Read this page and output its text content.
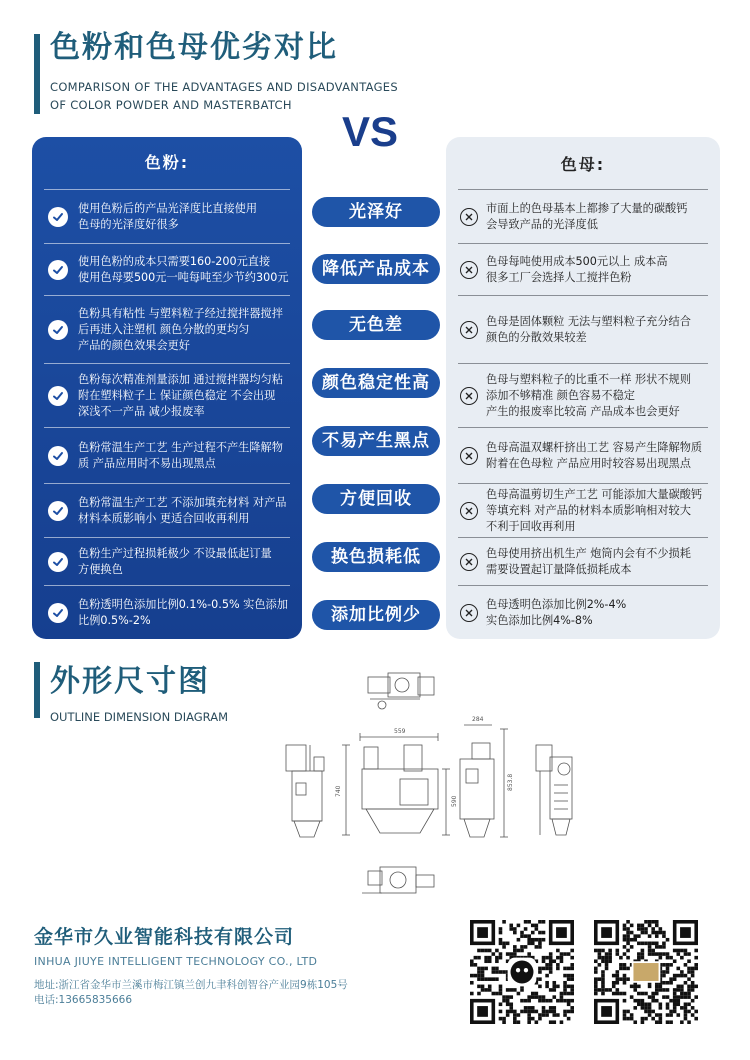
色粉和色母优劣对比
COMPARISON OF THE ADVANTAGES AND DISADVANTAGES
OF COLOR POWDER AND MASTERBATCH
VS
色粉:
使用色粉后的产品光泽度比直接使用
色母的光泽度好很多
使用色粉的成本只需要160-200元直接
使用色母要500元一吨每吨至少节约300元
色粉具有粘性 与塑料粒子经过搅拌器搅拌
后再进入注塑机 颜色分散的更均匀
产品的颜色效果会更好
色粉每次精准剂量添加 通过搅拌器均匀粘
附在塑料粒子上 保证颜色稳定 不会出现
深浅不一产品 减少报废率
色粉常温生产工艺 生产过程不产生降解物
质 产品应用时不易出现黑点
色粉常温生产工艺 不添加填充材料 对产品
材料本质影响小 更适合回收再利用
色粉生产过程损耗极少 不设最低起订量
方便换色
色粉透明色添加比例0.1%-0.5% 实色添加
比例0.5%-2%
色母:
市面上的色母基本上都掺了大量的碳酸钙
会导致产品的光泽度低
色母每吨使用成本500元以上 成本高
很多工厂会选择人工搅拌色粉
色母是固体颗粒 无法与塑料粒子充分结合
颜色的分散效果较差
色母与塑料粒子的比重不一样 形状不规则
添加不够精准 颜色容易不稳定
产生的报废率比较高 产品成本也会更好
色母高温双螺杆挤出工艺 容易产生降解物质
附着在色母粒 产品应用时较容易出现黑点
色母高温剪切生产工艺 可能添加大量碳酸钙
等填充料 对产品的材料本质影响相对较大
不利于回收再利用
色母使用挤出机生产 炮筒内会有不少损耗
需要设置起订量降低损耗成本
色母透明色添加比例2%-4%
实色添加比例4%-8%
光泽好
降低产品成本
无色差
颜色稳定性高
不易产生黑点
方便回收
换色损耗低
添加比例少
外形尺寸图
OUTLINE DIMENSION DIAGRAM
559
740
590
284
853.8
金华市久业智能科技有限公司
INHUA JIUYE INTELLIGENT TECHNOLOGY CO., LTD
地址:浙江省金华市兰溪市梅江镇兰创九聿科创智谷产业园9栋105号
电话:13665835666
